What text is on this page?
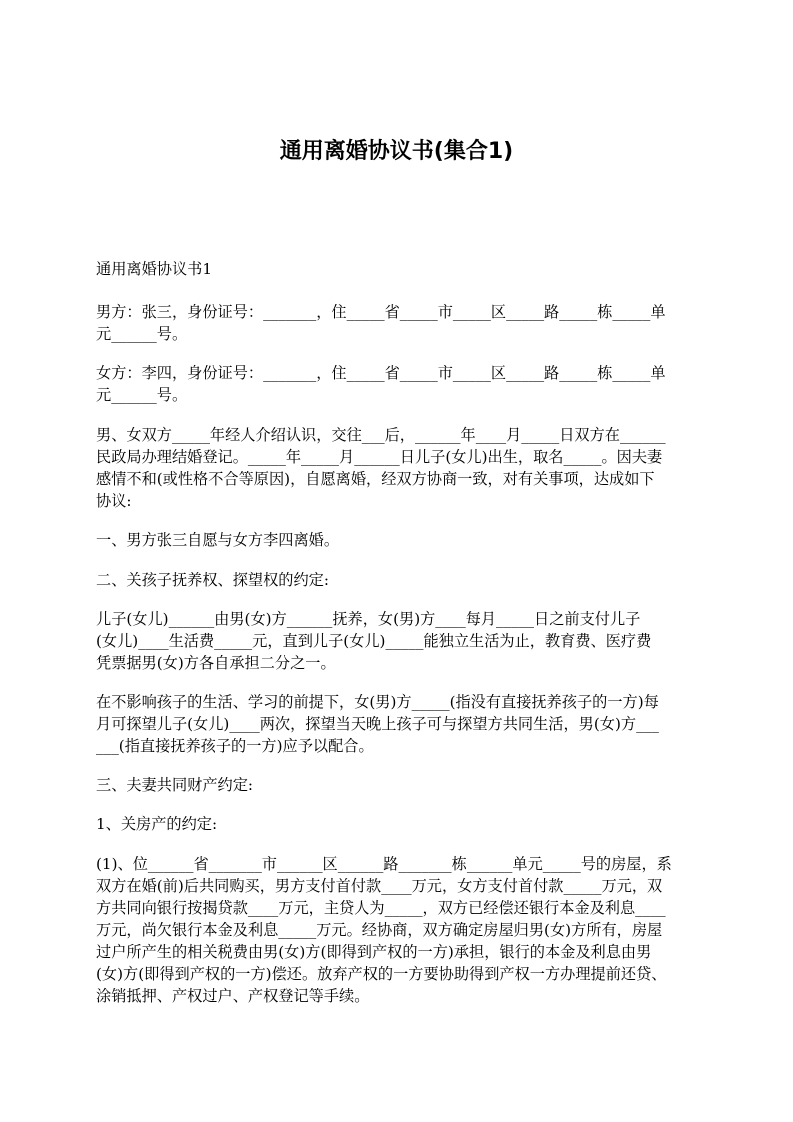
通用离婚协议书(集合1)

通用离婚协议书1

男方：张三，身份证号：_______，住_____省_____市_____区_____路_____栋_____单

元______号。

女方：李四，身份证号：_______，住_____省_____市_____区_____路_____栋_____单

元______号。

男、女双方_____年经人介绍认识，交往___后，______年____月_____日双方在______

民政局办理结婚登记。_____年_____月______日儿子(女儿)出生，取名_____。因夫妻

感情不和(或性格不合等原因)，自愿离婚，经双方协商一致，对有关事项，达成如下

协议:

一、男方张三自愿与女方李四离婚。

二、关孩子抚养权、探望权的约定:

儿子(女儿)______由男(女)方______抚养，女(男)方____每月_____日之前支付儿子

(女儿)____生活费_____元，直到儿子(女儿)_____能独立生活为止，教育费、医疗费

凭票据男(女)方各自承担二分之一。

在不影响孩子的生活、学习的前提下，女(男)方_____(指没有直接抚养孩子的一方)每

月可探望儿子(女儿)____两次，探望当天晚上孩子可与探望方共同生活，男(女)方___

___(指直接抚养孩子的一方)应予以配合。

三、夫妻共同财产约定:

1、关房产的约定:

(1)、位______省_______市______区______路_______栋______单元_____号的房屋，系

双方在婚(前)后共同购买，男方支付首付款____万元，女方支付首付款_____万元，双

方共同向银行按揭贷款____万元，主贷人为_____，双方已经偿还银行本金及利息____

万元，尚欠银行本金及利息_____万元。经协商，双方确定房屋归男(女)方所有，房屋

过户所产生的相关税费由男(女)方(即得到产权的一方)承担，银行的本金及利息由男

(女)方(即得到产权的一方)偿还。放弃产权的一方要协助得到产权一方办理提前还贷、

涂销抵押、产权过户、产权登记等手续。
